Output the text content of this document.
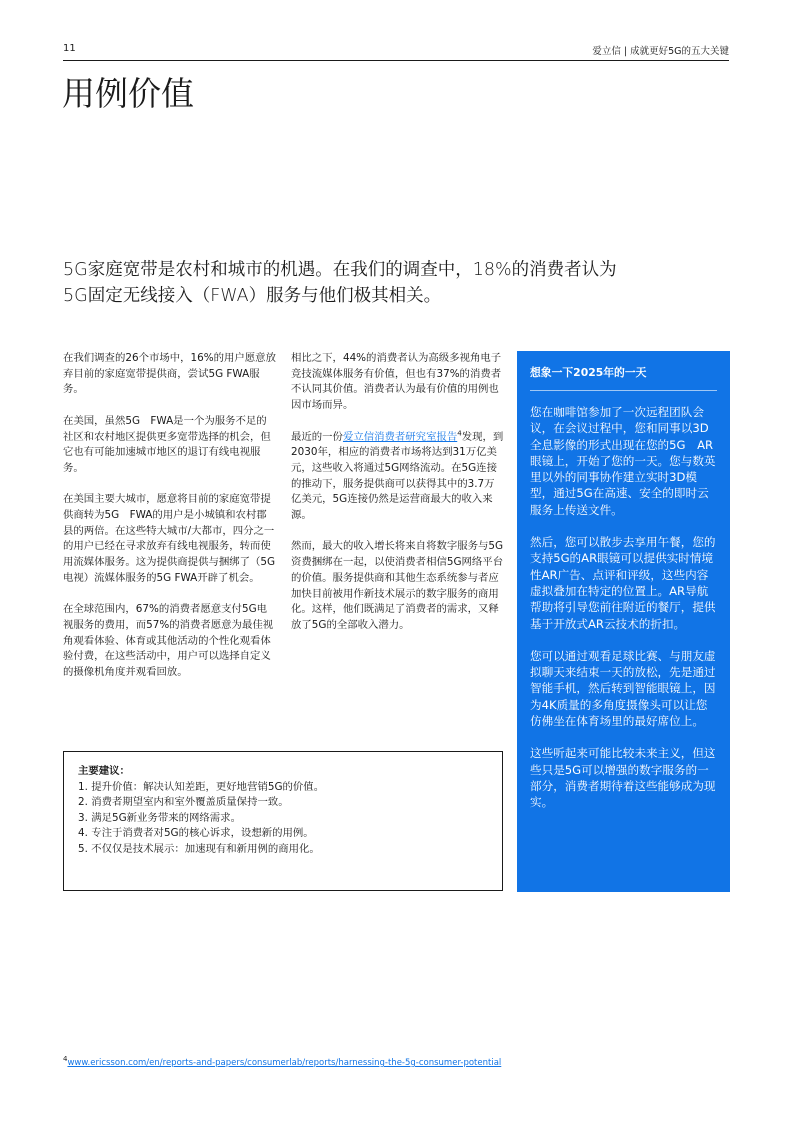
11	爱立信 | 成就更好5G的五大关键
用例价值

5G家庭宽带是农村和城市的机遇。在我们的调查中，18%的消费者认为5G固定无线接入（FWA）服务与他们极其相关。

在我们调查的26个市场中，16%的用户愿意放弃目前的家庭宽带提供商，尝试5G FWA服务。

在美国，虽然5G　FWA是一个为服务不足的社区和农村地区提供更多宽带选择的机会，但它也有可能加速城市地区的退订有线电视服务。

在美国主要大城市，愿意将目前的家庭宽带提供商转为5G　FWA的用户是小城镇和农村郡县的两倍。在这些特大城市/大都市，四分之一的用户已经在寻求放弃有线电视服务，转而使用流媒体服务。这为提供商提供与捆绑了（5G电视）流媒体服务的5G FWA开辟了机会。

在全球范围内，67%的消费者愿意支付5G电视服务的费用，而57%的消费者愿意为最佳视角观看体验、体育或其他活动的个性化观看体验付费，在这些活动中，用户可以选择自定义的摄像机角度并观看回放。

相比之下，44%的消费者认为高级多视角电子竞技流媒体服务有价值，但也有37%的消费者不认同其价值。消费者认为最有价值的用例也因市场而异。

最近的一份爱立信消费者研究室报告$^4$发现，到2030年，相应的消费者市场将达到31万亿美元，这些收入将通过5G网络流动。在5G连接的推动下，服务提供商可以获得其中的3.7万亿美元，5G连接仍然是运营商最大的收入来源。

然而，最大的收入增长将来自将数字服务与5G资费捆绑在一起，以使消费者相信5G网络平台的价值。服务提供商和其他生态系统参与者应加快目前被用作新技术展示的数字服务的商用化。这样，他们既满足了消费者的需求，又释放了5G的全部收入潜力。

想象一下2025年的一天

您在咖啡馆参加了一次远程团队会议，在会议过程中，您和同事以3D全息影像的形式出现在您的5G　AR眼镜上，开始了您的一天。您与数英里以外的同事协作建立实时3D模型，通过5G在高速、安全的即时云服务上传送文件。

然后，您可以散步去享用午餐，您的支持5G的AR眼镜可以提供实时情境性AR广告、点评和评级，这些内容虚拟叠加在特定的位置上。AR导航帮助将引导您前往附近的餐厅，提供基于开放式AR云技术的折扣。

您可以通过观看足球比赛、与朋友虚拟聊天来结束一天的放松，先是通过智能手机，然后转到智能眼镜上，因为4K质量的多角度摄像头可以让您仿佛坐在体育场里的最好席位上。

这些听起来可能比较未来主义，但这些只是5G可以增强的数字服务的一部分，消费者期待着这些能够成为现实。

主要建议：
1. 提升价值：解决认知差距，更好地营销5G的价值。
2. 消费者期望室内和室外覆盖质量保持一致。
3. 满足5G新业务带来的网络需求。
4. 专注于消费者对5G的核心诉求，设想新的用例。
5. 不仅仅是技术展示：加速现有和新用例的商用化。
$^4$www.ericsson.com/en/reports-and-papers/consumerlab/reports/harnessing-the-5g-consumer-potential
